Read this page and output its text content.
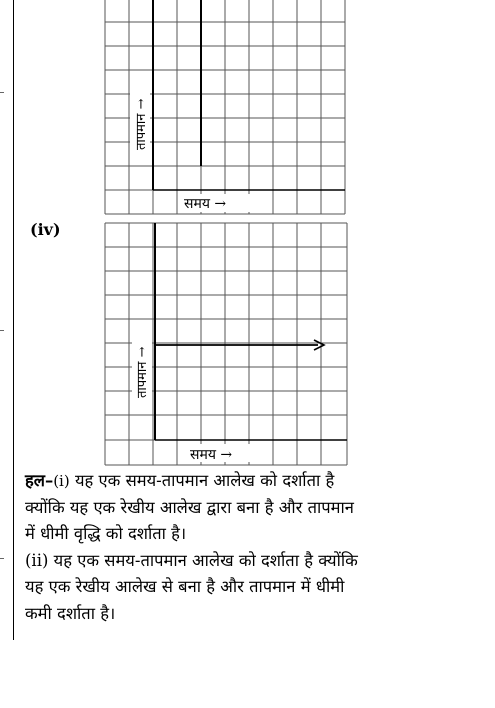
तापमान →
समय →
(iv)
तापमान →
समय →
हल–(i) यह एक समय-तापमान आलेख को दर्शाता है
क्योंकि यह एक रेखीय आलेख द्वारा बना है और तापमान
में धीमी वृद्धि को दर्शाता है।
(ii) यह एक समय-तापमान आलेख को दर्शाता है क्योंकि
यह एक रेखीय आलेख से बना है और तापमान में धीमी
कमी दर्शाता है।
